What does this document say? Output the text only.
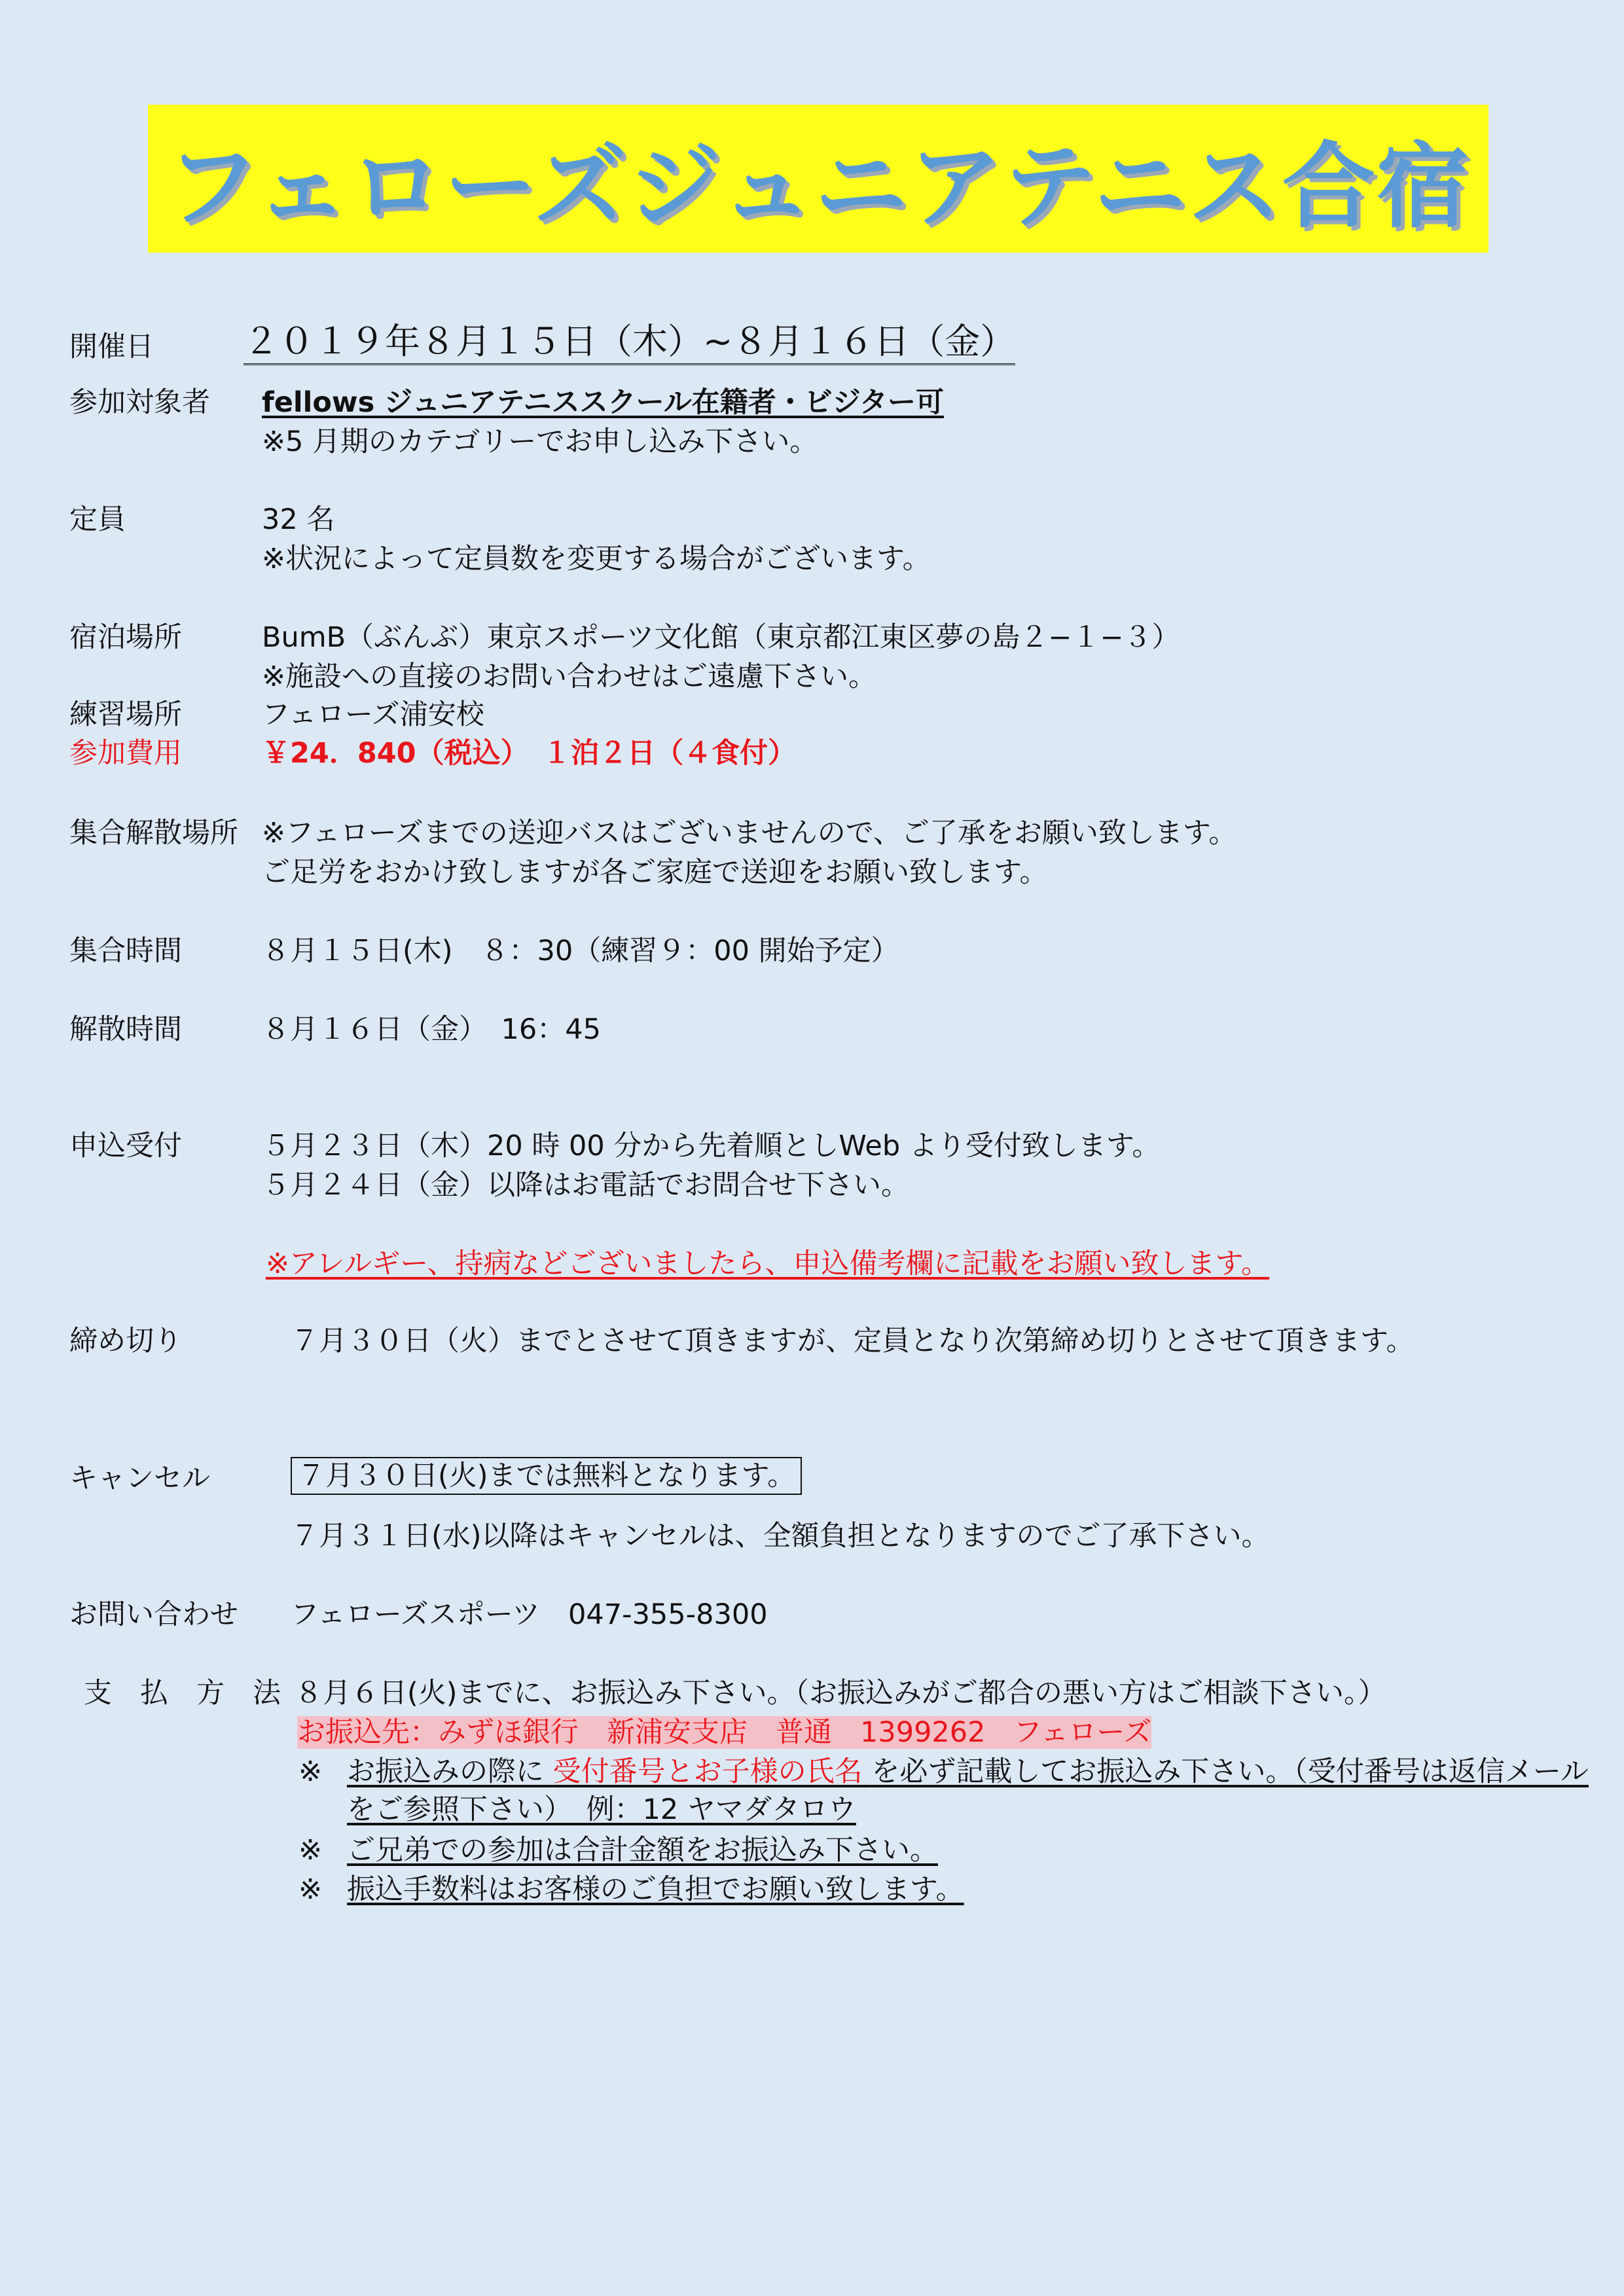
フェローズジュニアテニス合宿
開催日	２０１９年８月１５日（木）~８月１６日（金）
参加対象者 fellows ジュニアテニススクール在籍者・ビジター可
※5 月期のカテゴリーでお申し込み下さい。
定員	32 名
※状況によって定員数を変更する場合がございます。
宿泊場所	BumB（ぶんぶ）東京スポーツ文化館（東京都江東区夢の島２−１−３）
※施設への直接のお問い合わせはご遠慮下さい。
練習場所	フェローズ浦安校
参加費用	￥24．840（税込）　１泊２日（４食付）
集合解散場所 ※フェローズまでの送迎バスはございませんので、ご了承をお願い致します。
ご足労をおかけ致しますが各ご家庭で送迎をお願い致します。
集合時間	８月１５日(木)　８：30（練習９：00 開始予定）
解散時間	８月１６日（金）　16：45
申込受付	５月２３日（木）20 時 00 分から先着順としWeb より受付致します。
５月２４日（金）以降はお電話でお問合せ下さい。
※アレルギー、持病などございましたら、申込備考欄に記載をお願い致します。
締め切り	７月３０日（火）までとさせて頂きますが、定員となり次第締め切りとさせて頂きます。
キャンセル	７月３０日(火)までは無料となります。
７月３１日(水)以降はキャンセルは、全額負担となりますのでご了承下さい。
お問い合わせ フェローズスポーツ　047-355-8300
支　払　方　法 ８月６日(火)までに、お振込み下さい。（お振込みがご都合の悪い方はご相談下さい。）
お振込先：みずほ銀行　新浦安支店　普通　1399262　フェローズ
※ お振込みの際に 受付番号とお子様の氏名 を必ず記載してお振込み下さい。（受付番号は返信メール
をご参照下さい）　例：12 ヤマダタロウ
※ ご兄弟での参加は合計金額をお振込み下さい。
※ 振込手数料はお客様のご負担でお願い致します。
